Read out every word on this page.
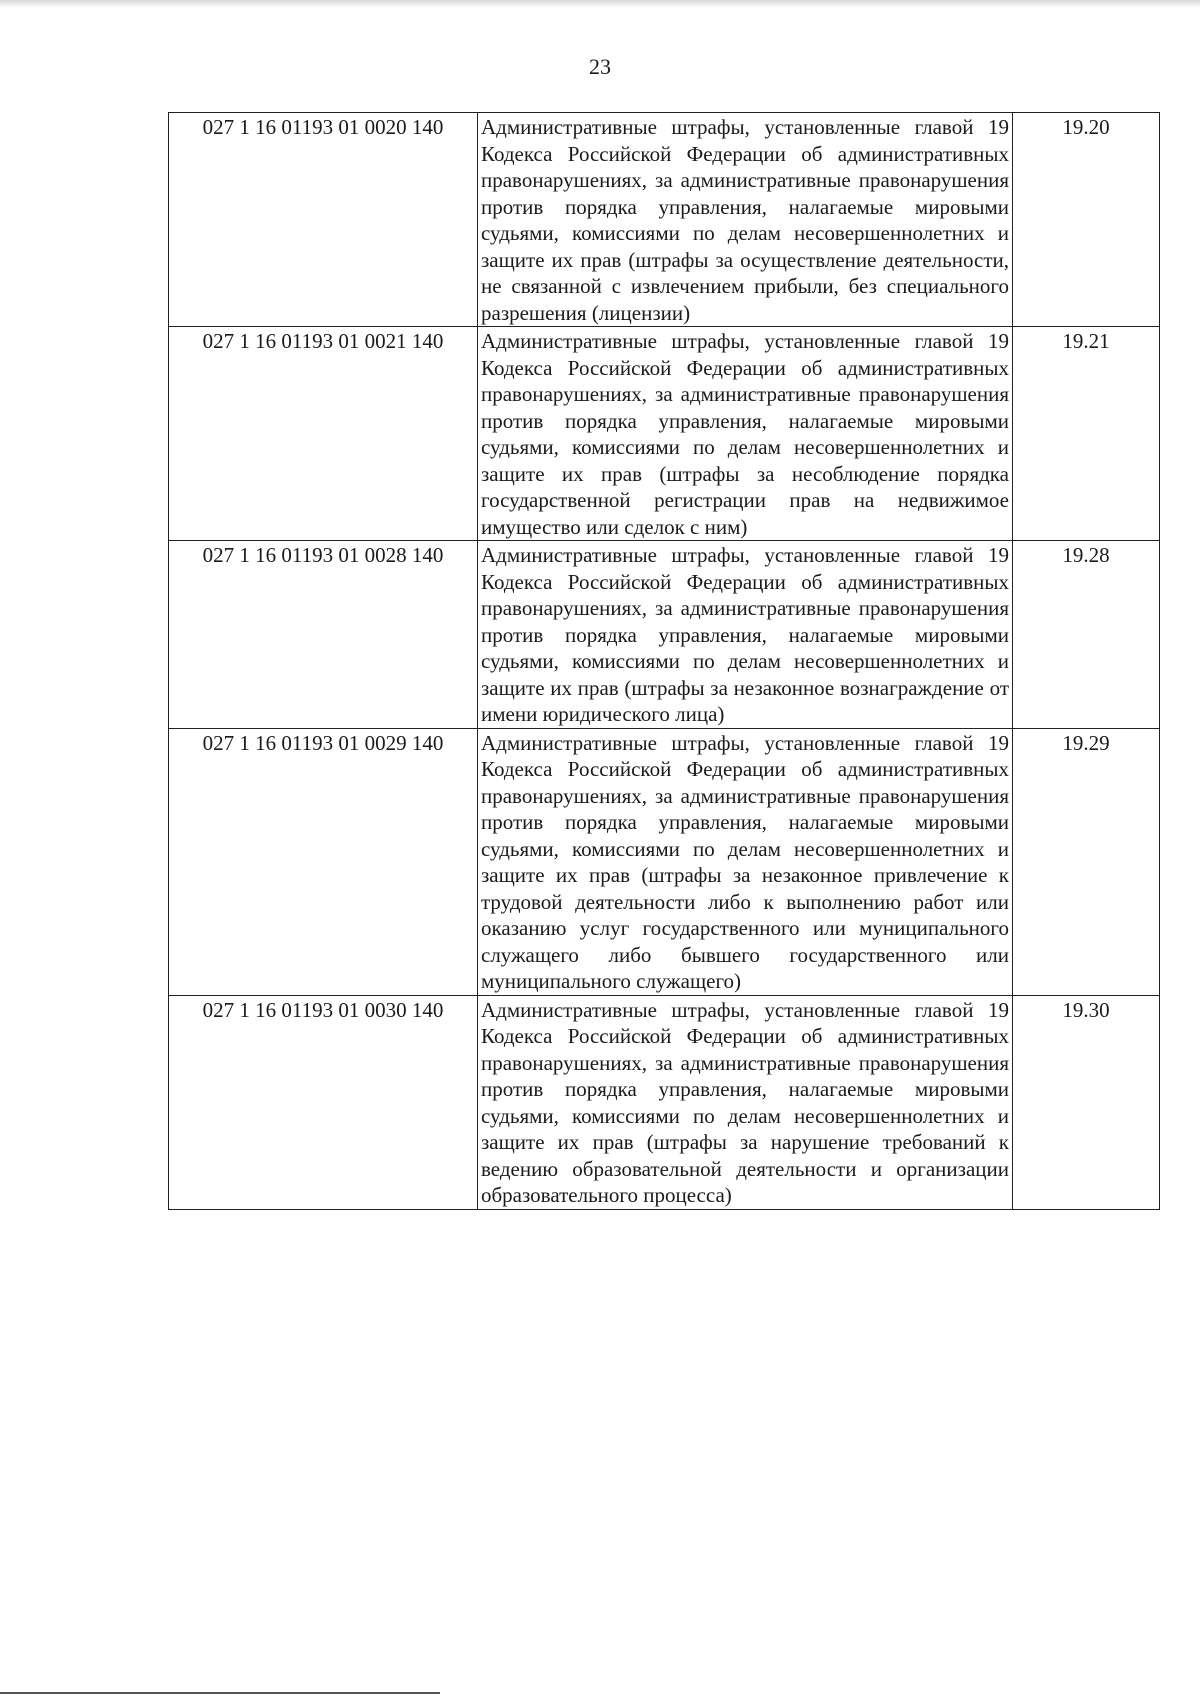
23
027 1 16 01193 01 0020 140	Административные штрафы, установленные главой 19 Кодекса Российской Федерации об административных правонарушениях, за административные правонарушения против порядка управления, налагаемые мировыми судьями, комиссиями по делам несовершеннолетних и защите их прав (штрафы за осуществление деятельности, не связанной с извлечением прибыли, без специального разрешения (лицензии)	19.20
027 1 16 01193 01 0021 140	Административные штрафы, установленные главой 19 Кодекса Российской Федерации об административных правонарушениях, за административные правонарушения против порядка управления, налагаемые мировыми судьями, комиссиями по делам несовершеннолетних и защите их прав (штрафы за несоблюдение порядка государственной регистрации прав на недвижимое имущество или сделок с ним)	19.21
027 1 16 01193 01 0028 140	Административные штрафы, установленные главой 19 Кодекса Российской Федерации об административных правонарушениях, за административные правонарушения против порядка управления, налагаемые мировыми судьями, комиссиями по делам несовершеннолетних и защите их прав (штрафы за незаконное вознаграждение от имени юридического лица)	19.28
027 1 16 01193 01 0029 140	Административные штрафы, установленные главой 19 Кодекса Российской Федерации об административных правонарушениях, за административные правонарушения против порядка управления, налагаемые мировыми судьями, комиссиями по делам несовершеннолетних и защите их прав (штрафы за незаконное привлечение к трудовой деятельности либо к выполнению работ или оказанию услуг государственного или муниципального служащего либо бывшего государственного или муниципального служащего)	19.29
027 1 16 01193 01 0030 140	Административные штрафы, установленные главой 19 Кодекса Российской Федерации об административных правонарушениях, за административные правонарушения против порядка управления, налагаемые мировыми судьями, комиссиями по делам несовершеннолетних и защите их прав (штрафы за нарушение требований к ведению образовательной деятельности и организации образовательного процесса)	19.30
